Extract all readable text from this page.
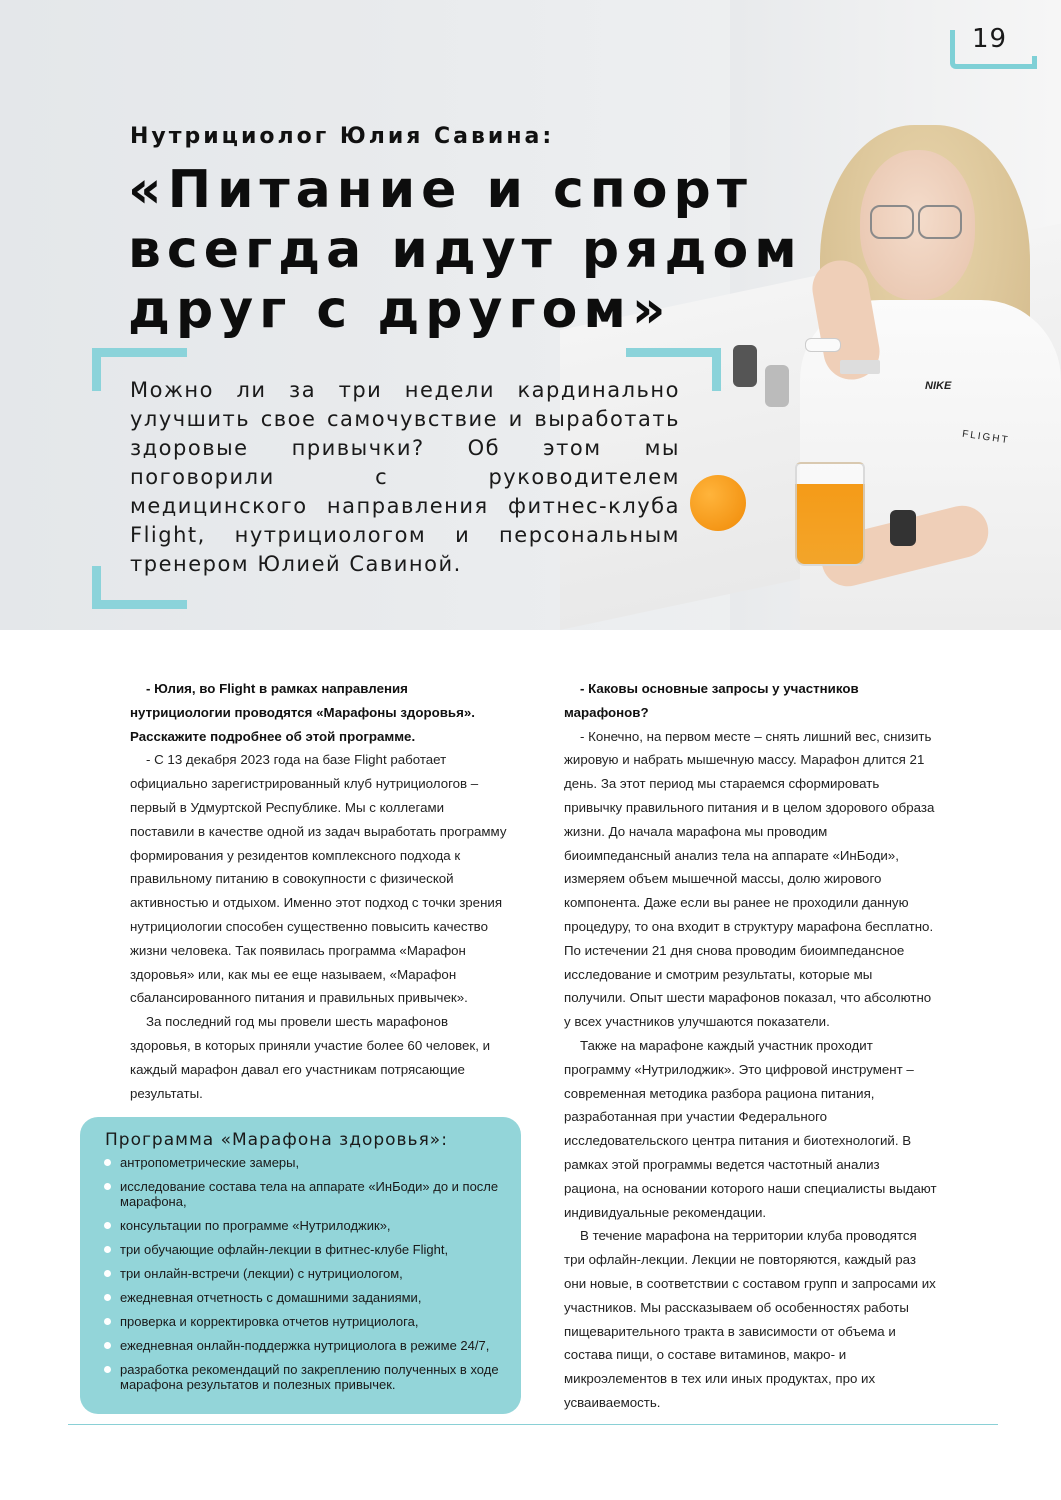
NIKE
FLIGHT
19
Нутрициолог Юлия Савина:
«Питание и спорт
всегда идут рядом
друг с другом»
Можно ли за три недели кардинально улучшить свое самочувствие и выработать здоровые привычки? Об этом мы поговорили с руководителем медицинского направления фитнес-клуба Flight, нутрициологом и персональным тренером Юлией Савиной.

- Юлия, во Flight в рамках направления нутрициологии проводятся «Марафоны здоровья». Расскажите подробнее об этой программе.

- С 13 декабря 2023 года на базе Flight работает официально зарегистрированный клуб нутрициологов – первый в Удмуртской Республике. Мы с коллегами поставили в качестве одной из задач выработать программу формирования у резидентов комплексного подхода к правильному питанию в совокупности с физической активностью и отдыхом. Именно этот подход с точки зрения нутрициологии способен существенно повысить качество жизни человека. Так появилась программа «Марафон здоровья» или, как мы ее еще называем, «Марафон сбалансированного питания и правильных привычек».

За последний год мы провели шесть марафонов здоровья, в которых приняли участие более 60 человек, и каждый марафон давал его участникам потрясающие результаты.

Программа «Марафона здоровья»:
антропометрические замеры,
исследование состава тела на аппарате «ИнБоди» до и после марафона,
консультации по программе «Нутрилоджик»,
три обучающие офлайн-лекции в фитнес-клубе Flight,
три онлайн-встречи (лекции) с нутрициологом,
ежедневная отчетность с домашними заданиями,
проверка и корректировка отчетов нутрициолога,
ежедневная онлайн-поддержка нутрициолога в режиме 24/7,
разработка рекомендаций по закреплению полученных в ходе марафона результатов и полезных привычек.

- Каковы основные запросы у участников марафонов?

- Конечно, на первом месте – снять лишний вес, снизить жировую и набрать мышечную массу. Марафон длится 21 день. За этот период мы стараемся сформировать привычку правильного питания и в целом здорового образа жизни. До начала марафона мы проводим биоимпедансный анализ тела на аппарате «ИнБоди», измеряем объем мышечной массы, долю жирового компонента. Даже если вы ранее не проходили данную процедуру, то она входит в структуру марафона бесплатно. По истечении 21 дня снова проводим биоимпедансное исследование и смотрим результаты, которые мы получили. Опыт шести марафонов показал, что абсолютно у всех участников улучшаются показатели.

Также на марафоне каждый участник проходит программу «Нутрилоджик». Это цифровой инструмент – современная методика разбора рациона питания, разработанная при участии Федерального исследовательского центра питания и биотехнологий. В рамках этой программы ведется частотный анализ рациона, на основании которого наши специалисты выдают индивидуальные рекомендации.

В течение марафона на территории клуба проводятся три офлайн-лекции. Лекции не повторяются, каждый раз они новые, в соответствии с составом групп и запросами их участников. Мы рассказываем об особенностях работы пищеварительного тракта в зависимости от объема и состава пищи, о составе витаминов, макро- и микроэлементов в тех или иных продуктах, про их усваиваемость.
